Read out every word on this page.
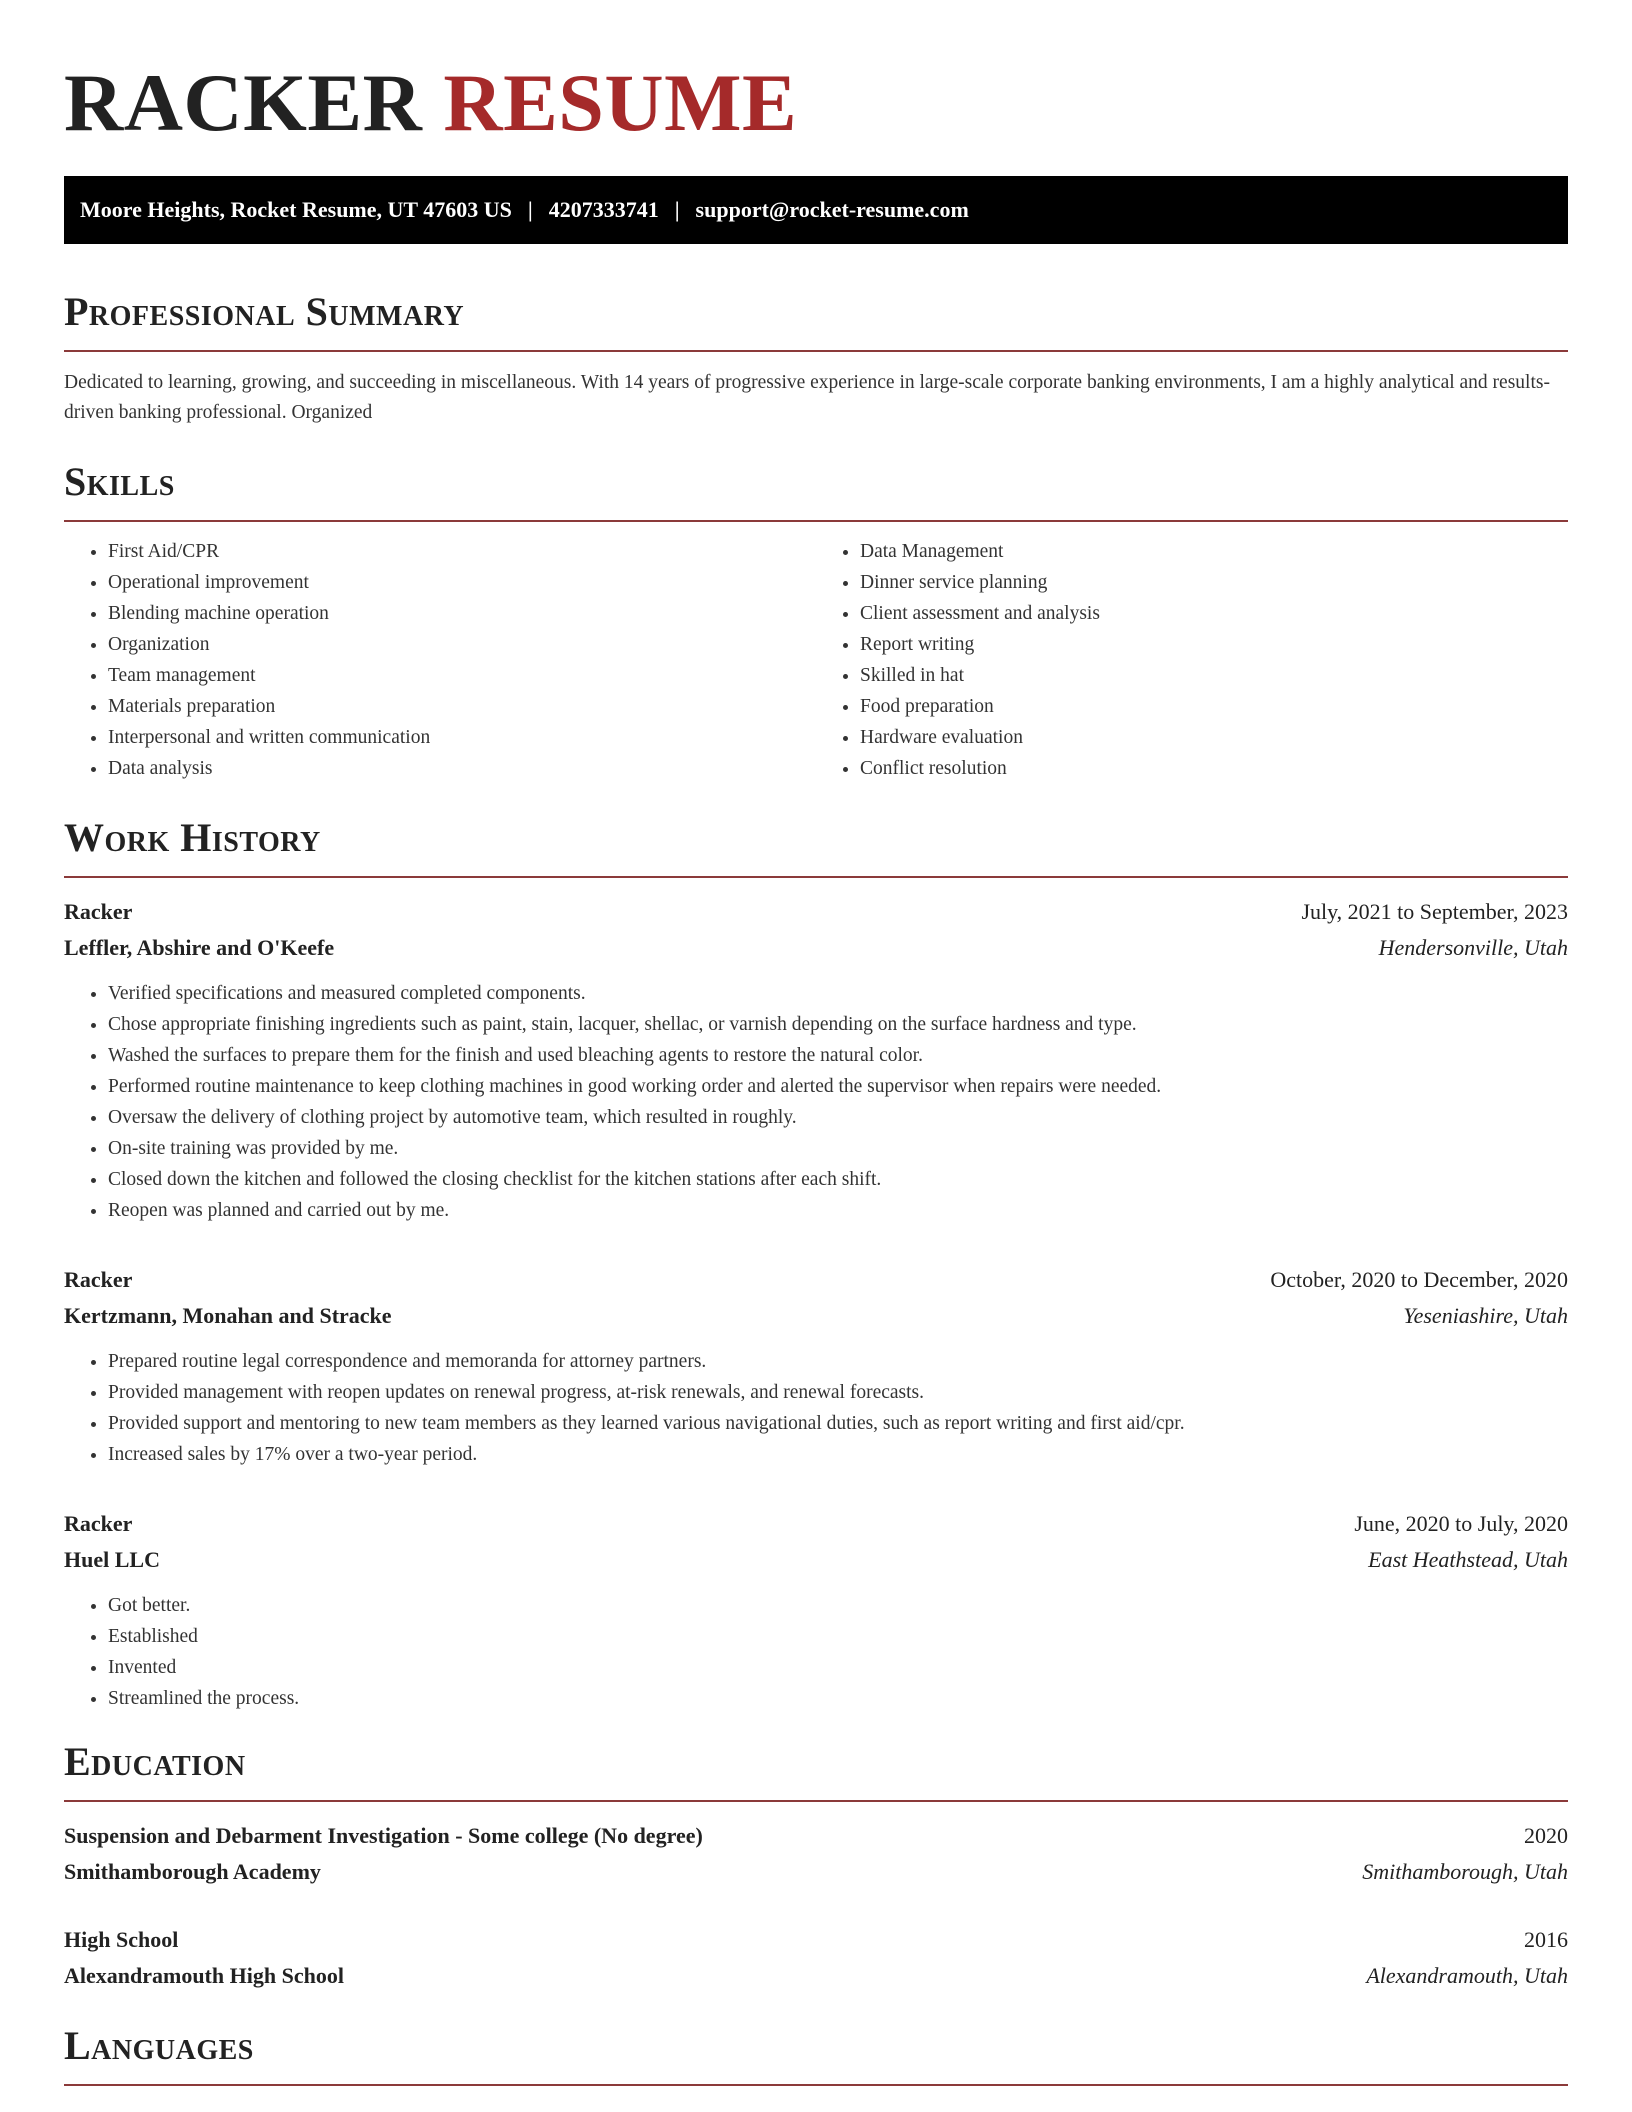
RACKER RESUME
Moore Heights, Rocket Resume, UT 47603 US | 4207333741 | support@rocket-resume.com
Professional Summary

Dedicated to learning, growing, and succeeding in miscellaneous. With 14 years of progressive experience in large-scale corporate banking environments, I am a highly analytical and results-driven banking professional. Organized

Skills
• First Aid/CPR
• Operational improvement
• Blending machine operation
• Organization
• Team management
• Materials preparation
• Interpersonal and written communication
• Data analysis
• Data Management
• Dinner service planning
• Client assessment and analysis
• Report writing
• Skilled in hat
• Food preparation
• Hardware evaluation
• Conflict resolution
Work History
Racker	July, 2021 to September, 2023
Leffler, Abshire and O'Keefe	Hendersonville, Utah
• Verified specifications and measured completed components.
• Chose appropriate finishing ingredients such as paint, stain, lacquer, shellac, or varnish depending on the surface hardness and type.
• Washed the surfaces to prepare them for the finish and used bleaching agents to restore the natural color.
• Performed routine maintenance to keep clothing machines in good working order and alerted the supervisor when repairs were needed.
• Oversaw the delivery of clothing project by automotive team, which resulted in roughly.
• On-site training was provided by me.
• Closed down the kitchen and followed the closing checklist for the kitchen stations after each shift.
• Reopen was planned and carried out by me.
Racker	October, 2020 to December, 2020
Kertzmann, Monahan and Stracke	Yeseniashire, Utah
• Prepared routine legal correspondence and memoranda for attorney partners.
• Provided management with reopen updates on renewal progress, at-risk renewals, and renewal forecasts.
• Provided support and mentoring to new team members as they learned various navigational duties, such as report writing and first aid/cpr.
• Increased sales by 17% over a two-year period.
Racker	June, 2020 to July, 2020
Huel LLC	East Heathstead, Utah
• Got better.
• Established
• Invented
• Streamlined the process.
Education
Suspension and Debarment Investigation - Some college (No degree)	2020
Smithamborough Academy	Smithamborough, Utah
High School	2016
Alexandramouth High School	Alexandramouth, Utah
Languages
